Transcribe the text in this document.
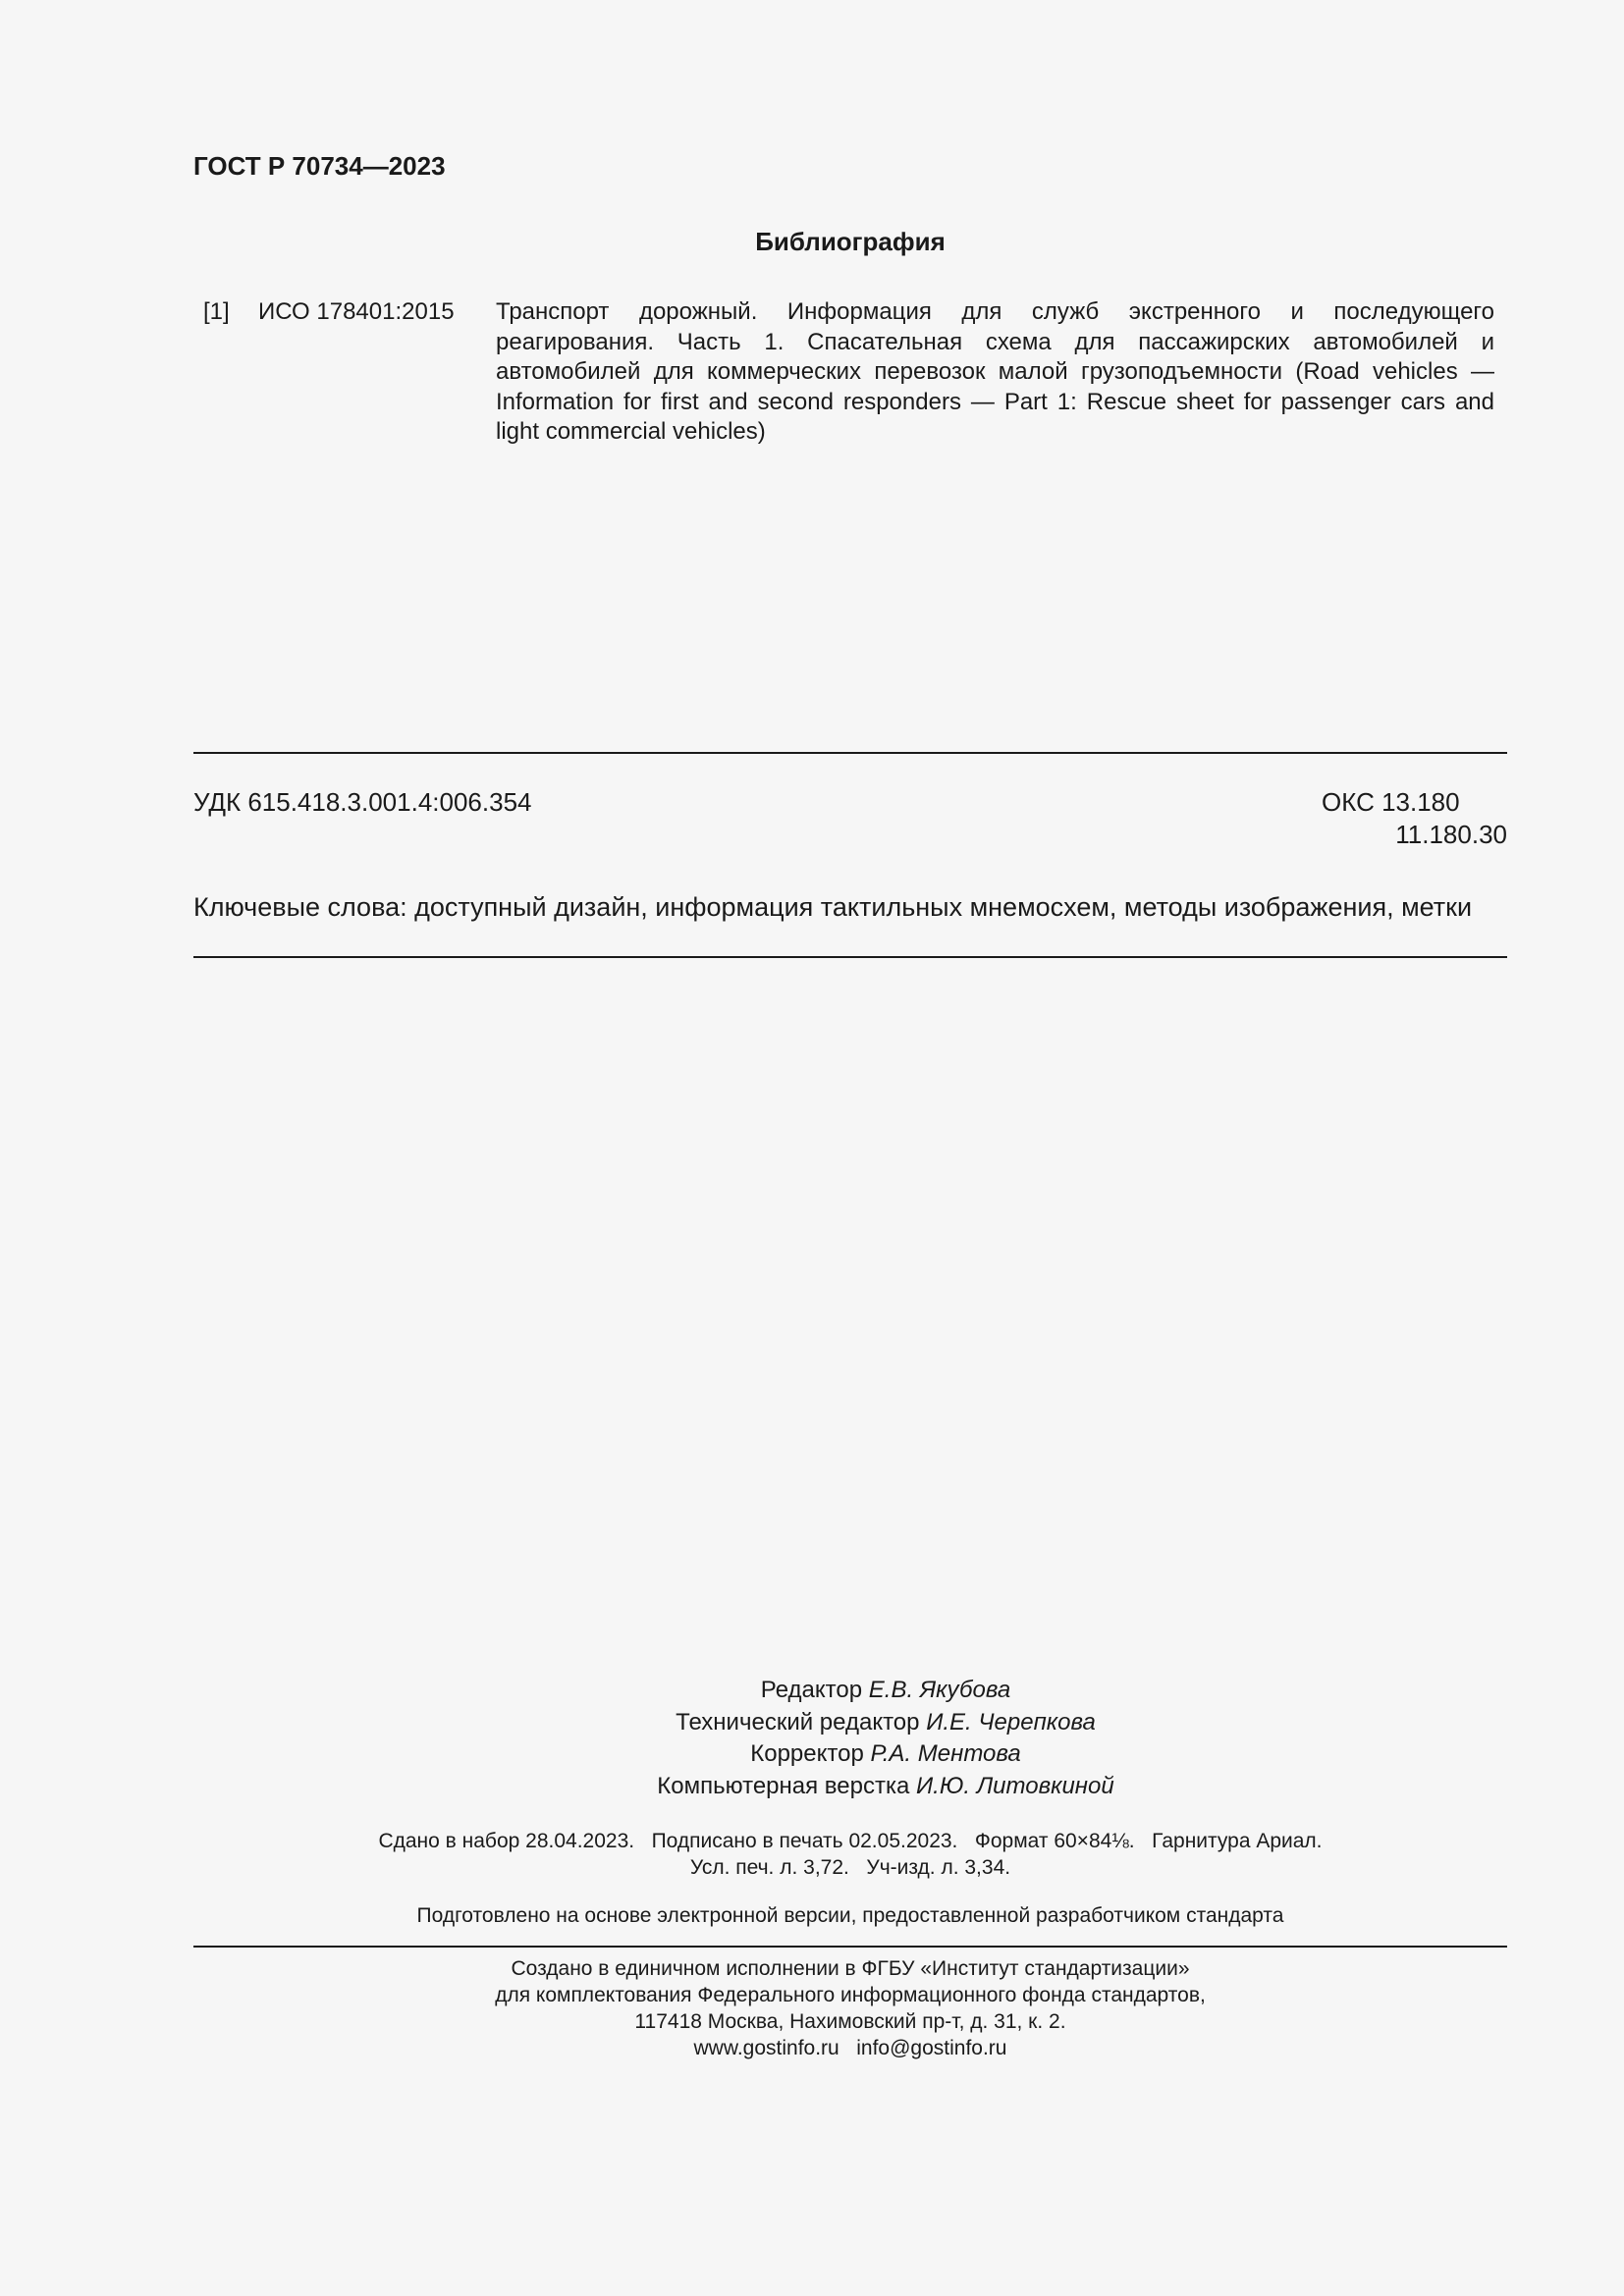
ГОСТ Р 70734—2023
Библиография
[1] ИСО 178401:2015 Транспорт дорожный. Информация для служб экстренного и последующего реагирования. Часть 1. Спасательная схема для пассажирских автомобилей и автомобилей для коммерческих перевозок малой грузоподъемности (Road vehicles — Information for first and second responders — Part 1: Rescue sheet for passenger cars and light commercial vehicles)
УДК 615.418.3.001.4:006.354	ОКС 13.180
11.180.30
Ключевые слова: доступный дизайн, информация тактильных мнемосхем, методы изображения, метки
Редактор Е.В. Якубова
Технический редактор И.Е. Черепкова
Корректор Р.А. Ментова
Компьютерная верстка И.Ю. Литовкиной
Сдано в набор 28.04.2023.   Подписано в печать 02.05.2023.   Формат 60×84⅛.   Гарнитура Ариал.
Усл. печ. л. 3,72.   Уч-изд. л. 3,34.
Подготовлено на основе электронной версии, предоставленной разработчиком стандарта
Создано в единичном исполнении в ФГБУ «Институт стандартизации»
для комплектования Федерального информационного фонда стандартов,
117418 Москва, Нахимовский пр-т, д. 31, к. 2.
www.gostinfo.ru info@gostinfo.ru
